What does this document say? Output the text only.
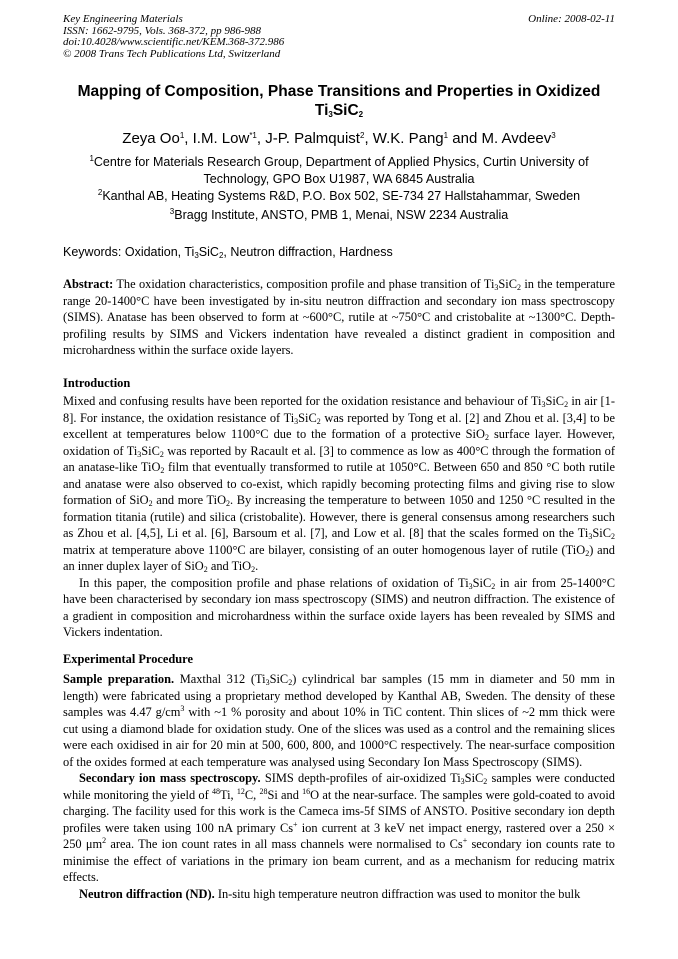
Key Engineering Materials
ISSN: 1662-9795, Vols. 368-372, pp 986-988
doi:10.4028/www.scientific.net/KEM.368-372.986
© 2008 Trans Tech Publications Ltd, Switzerland
Online: 2008-02-11
Mapping of Composition, Phase Transitions and Properties in Oxidized
$Ti_3SiC_2$
Zeya Oo$^1$, I.M. Low$^{*1}$, J-P. Palmquist$^2$, W.K. Pang$^1$ and M. Avdeev$^3$
$^1$Centre for Materials Research Group, Department of Applied Physics, Curtin University of
Technology, GPO Box U1987, WA 6845 Australia
$^2$Kanthal AB, Heating Systems R&D, P.O. Box 502, SE-734 27 Hallstahammar, Sweden
$^3$Bragg Institute, ANSTO, PMB 1, Menai, NSW 2234 Australia
Keywords: Oxidation, $Ti_3SiC_2$, Neutron diffraction, Hardness

Abstract: The oxidation characteristics, composition profile and phase transition of $Ti_3SiC_2$ in the temperature range 20-1400°C have been investigated by in-situ neutron diffraction and secondary ion mass spectroscopy (SIMS). Anatase has been observed to form at ~600°C, rutile at ~750°C and cristobalite at ~1300°C. Depth-profiling results by SIMS and Vickers indentation have revealed a distinct gradient in composition and microhardness within the surface oxide layers.

Introduction

Mixed and confusing results have been reported for the oxidation resistance and behaviour of $Ti_3SiC_2$ in air [1-8]. For instance, the oxidation resistance of $Ti_3SiC_2$ was reported by Tong et al. [2] and Zhou et al. [3,4] to be excellent at temperatures below 1100°C due to the formation of a protective SiO$_2$ surface layer. However, oxidation of $Ti_3SiC_2$ was reported by Racault et al. [3] to commence as low as 400°C through the formation of an anatase-like TiO$_2$ film that eventually transformed to rutile at 1050°C. Between 650 and 850 °C both rutile and anatase were also observed to co-exist, which rapidly becoming protecting films and giving rise to slow formation of SiO$_2$ and more TiO$_2$. By increasing the temperature to between 1050 and 1250 °C resulted in the formation titania (rutile) and silica (cristobalite). However, there is general consensus among researchers such as Zhou et al. [4,5], Li et al. [6], Barsoum et al. [7], and Low et al. [8] that the scales formed on the $Ti_3SiC_2$ matrix at temperature above 1100°C are bilayer, consisting of an outer homogenous layer of rutile (TiO$_2$) and an inner duplex layer of SiO$_2$ and TiO$_2$.

In this paper, the composition profile and phase relations of oxidation of $Ti_3SiC_2$ in air from 25-1400°C have been characterised by secondary ion mass spectroscopy (SIMS) and neutron diffraction. The existence of a gradient in composition and microhardness within the surface oxide layers has been revealed by SIMS and Vickers indentation.

Experimental Procedure

Sample preparation. Maxthal 312 $(Ti_3SiC_2)$ cylindrical bar samples (15 mm in diameter and 50 mm in length) were fabricated using a proprietary method developed by Kanthal AB, Sweden. The density of these samples was 4.47 $g/cm^3$ with ~1 % porosity and about 10% in TiC content. Thin slices of ~2 mm thick were cut using a diamond blade for oxidation study. One of the slices was used as a control and the remaining slices were each oxidised in air for 20 min at 500, 600, 800, and 1000°C respectively. The near-surface composition of the oxides formed at each temperature was analysed using Secondary Ion Mass Spectroscopy (SIMS).

Secondary ion mass spectroscopy. SIMS depth-profiles of air-oxidized $Ti_3SiC_2$ samples were conducted while monitoring the yield of $^{48}$Ti, $^{12}$C, $^{28}$Si and $^{16}$O at the near-surface. The samples were gold-coated to avoid charging. The facility used for this work is the Cameca ims-5f SIMS of ANSTO. Positive secondary ion depth profiles were taken using 100 nA primary Cs+ ion current at 3 keV net impact energy, rastered over a 250 × 250 $\mu m^2$ area. The ion count rates in all mass channels were normalised to Cs+ secondary ion counts rate to minimise the effect of variations in the primary ion beam current, and as a mechanism for reducing matrix effects.

Neutron diffraction (ND). In-situ high temperature neutron diffraction was used to monitor the bulk
